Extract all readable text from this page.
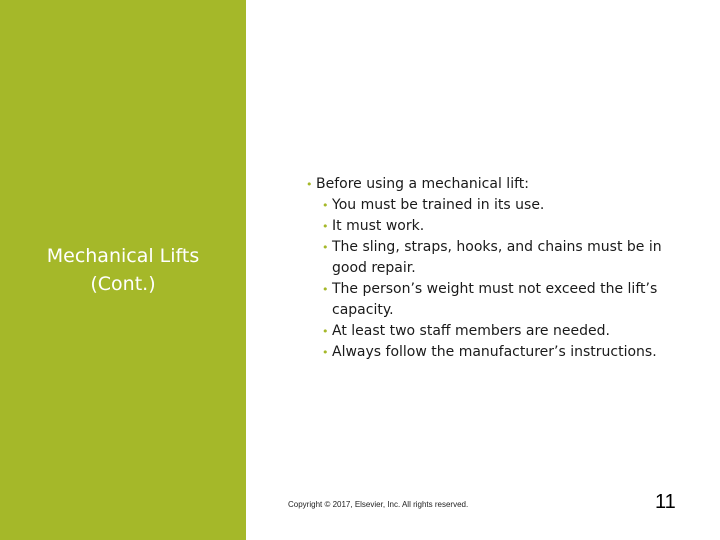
Mechanical Lifts
(Cont.)
• Before using a mechanical lift:
• You must be trained in its use.
• It must work.
• The sling, straps, hooks, and chains must be in good repair.
• The person’s weight must not exceed the lift’s capacity.
• At least two staff members are needed.
• Always follow the manufacturer’s instructions.
Copyright © 2017, Elsevier, Inc. All rights reserved.	11
